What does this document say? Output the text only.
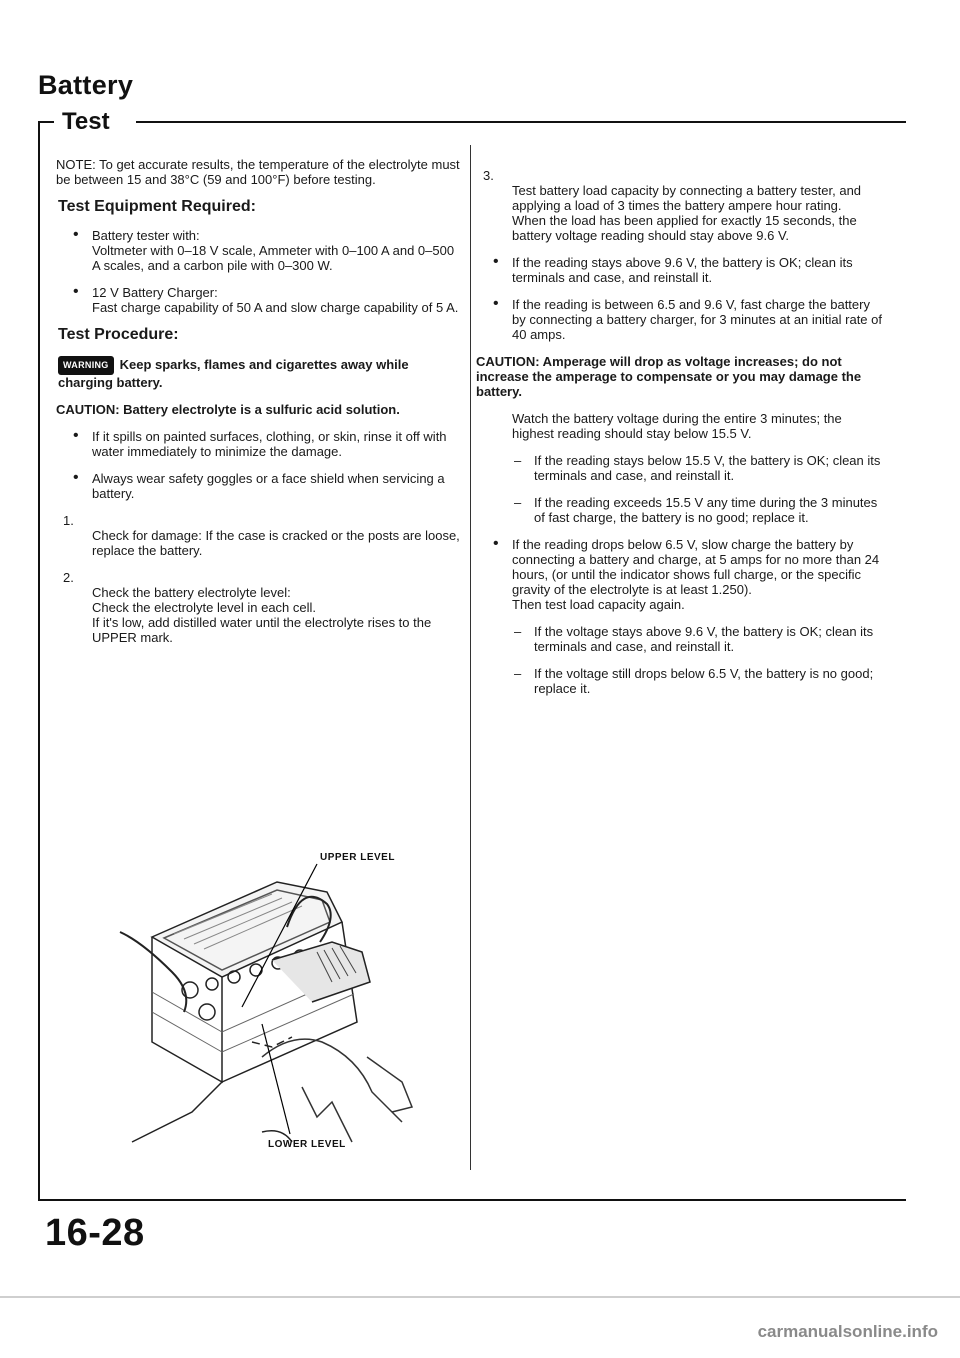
Battery
Test
NOTE: To get accurate results, the temperature of the electrolyte must be between 15 and 38°C (59 and 100°F) before testing.
Test Equipment Required:
• Battery tester with:
Voltmeter with 0–18 V scale, Ammeter with 0–100 A and 0–500 A scales, and a carbon pile with 0–300 W.
• 12 V Battery Charger:
Fast charge capability of 50 A and slow charge capability of 5 A.
Test Procedure:
WARNING Keep sparks, flames and cigarettes away while charging battery.
CAUTION: Battery electrolyte is a sulfuric acid solution.
• If it spills on painted surfaces, clothing, or skin, rinse it off with water immediately to minimize the damage.
• Always wear safety goggles or a face shield when servicing a battery.

1.
Check for damage: If the case is cracked or the posts are loose, replace the battery.

2.
Check the battery electrolyte level:
Check the electrolyte level in each cell.
If it's low, add distilled water until the electrolyte rises to the UPPER mark.

UPPER LEVEL
LOWER LEVEL

3.
Test battery load capacity by connecting a battery tester, and applying a load of 3 times the battery ampere hour rating.
When the load has been applied for exactly 15 seconds, the battery voltage reading should stay above 9.6 V.

• If the reading stays above 9.6 V, the battery is OK; clean its terminals and case, and reinstall it.
• If the reading is between 6.5 and 9.6 V, fast charge the battery by connecting a battery charger, for 3 minutes at an initial rate of 40 amps.
CAUTION: Amperage will drop as voltage increases; do not increase the amperage to compensate or you may damage the battery.
Watch the battery voltage during the entire 3 minutes; the highest reading should stay below 15.5 V.
– If the reading stays below 15.5 V, the battery is OK; clean its terminals and case, and reinstall it.
– If the reading exceeds 15.5 V any time during the 3 minutes of fast charge, the battery is no good; replace it.
• If the reading drops below 6.5 V, slow charge the battery by connecting a battery and charge, at 5 amps for no more than 24 hours, (or until the indicator shows full charge, or the specific gravity of the electrolyte is at least 1.250).
Then test load capacity again.
– If the voltage stays above 9.6 V, the battery is OK; clean its terminals and case, and reinstall it.
– If the voltage still drops below 6.5 V, the battery is no good; replace it.
16-28
carmanualsonline.info
